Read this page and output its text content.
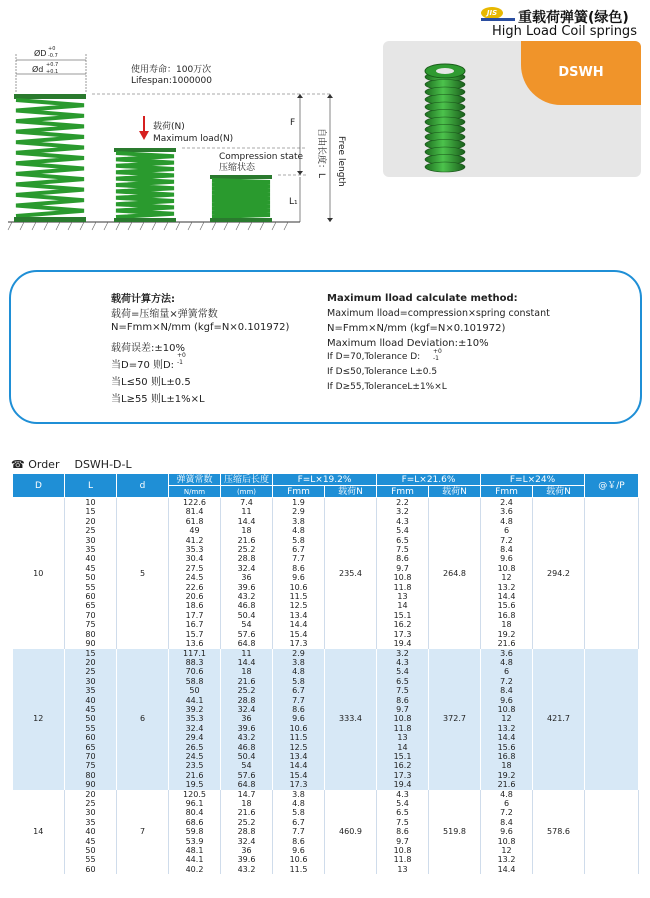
JIS	重载荷弹簧(绿色)
High Load Coil springs
ØD +0
-0.7
Ød +0.7
+0.1
载荷(N)
Maximum load(N)
使用寿命：100万次
Lifespan:1000000
Compression state
压缩状态
F
L₁
自由长度：L Free length
DSWH
载荷计算方法:
载荷=压缩量×弹簧常数
N=Fmm×N/mm (kgf=N×0.101972)
载荷误差:±10%
当D=70 则D:
+0
-1
当L≤50 则L±0.5
当L≥55 则L±1%×L
Maximum lload calculate method:
Maximum lload=compression×spring constant
N=Fmm×N/mm (kgf=N×0.101972)
Maximum lload Deviation:±10%
If D=70,Tolerance D:
+0
-1
If D≤50,Tolerance L±0.5
If D≥55,ToleranceL±1%×L
☎ Order DSWH-D-L
D	L	d	弹簧常数	压缩后长度	F=L×19.2%		F=L×21.6%		F=L×24%		@￥/P
			N/mm	(mm)	Fmm	载荷N	Fmm	载荷N	Fmm	载荷N	
10	10	5	122.6	7.4	1.9	235.4	2.2	264.8	2.4	294.2	
	15		81.4	11	2.9		3.2		3.6		
	20		61.8	14.4	3.8		4.3		4.8		
	25		49	18	4.8		5.4		6		
	30		41.2	21.6	5.8		6.5		7.2		
	35		35.3	25.2	6.7		7.5		8.4		
	40		30.4	28.8	7.7		8.6		9.6		
	45		27.5	32.4	8.6		9.7		10.8		
	50		24.5	36	9.6		10.8		12		
	55		22.6	39.6	10.6		11.8		13.2		
	60		20.6	43.2	11.5		13		14.4		
	65		18.6	46.8	12.5		14		15.6		
	70		17.7	50.4	13.4		15.1		16.8		
	75		16.7	54	14.4		16.2		18		
	80		15.7	57.6	15.4		17.3		19.2		
	90		13.6	64.8	17.3		19.4		21.6		
12	15	6	117.1	11	2.9	333.4	3.2	372.7	3.6	421.7	
	20		88.3	14.4	3.8		4.3		4.8		
	25		70.6	18	4.8		5.4		6		
	30		58.8	21.6	5.8		6.5		7.2		
	35		50	25.2	6.7		7.5		8.4		
	40		44.1	28.8	7.7		8.6		9.6		
	45		39.2	32.4	8.6		9.7		10.8		
	50		35.3	36	9.6		10.8		12		
	55		32.4	39.6	10.6		11.8		13.2		
	60		29.4	43.2	11.5		13		14.4		
	65		26.5	46.8	12.5		14		15.6		
	70		24.5	50.4	13.4		15.1		16.8		
	75		23.5	54	14.4		16.2		18		
	80		21.6	57.6	15.4		17.3		19.2		
	90		19.5	64.8	17.3		19.4		21.6		
14	20	7	120.5	14.7	3.8	460.9	4.3	519.8	4.8	578.6	
	25		96.1	18	4.8		5.4		6		
	30		80.4	21.6	5.8		6.5		7.2		
	35		68.6	25.2	6.7		7.5		8.4		
	40		59.8	28.8	7.7		8.6		9.6		
	45		53.9	32.4	8.6		9.7		10.8		
	50		48.1	36	9.6		10.8		12		
	55		44.1	39.6	10.6		11.8		13.2		
	60		40.2	43.2	11.5		13		14.4		
